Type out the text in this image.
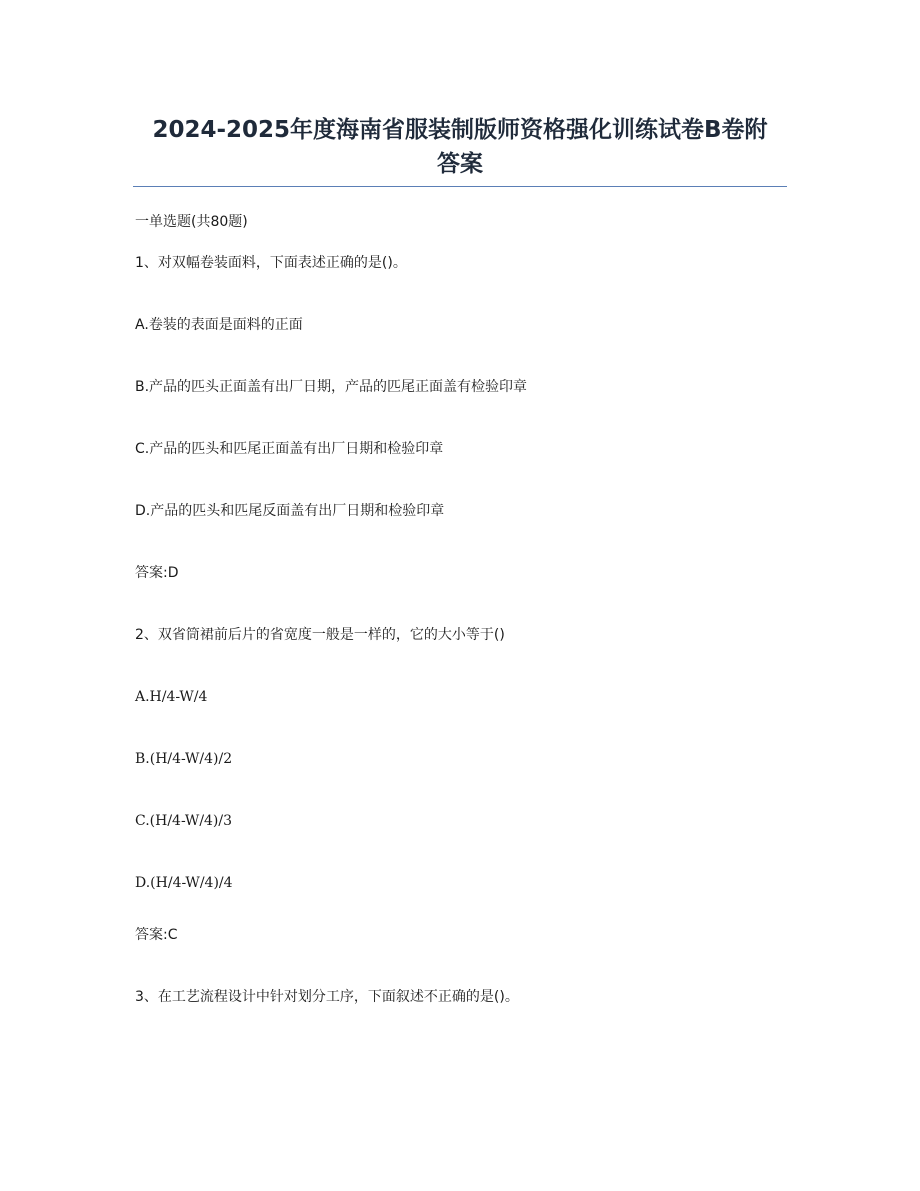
2024-2025年度海南省服装制版师资格强化训练试卷B卷附
答案
一单选题(共80题)
1、对双幅卷装面料，下面表述正确的是()。
A.卷装的表面是面料的正面
B.产品的匹头正面盖有出厂日期，产品的匹尾正面盖有检验印章
C.产品的匹头和匹尾正面盖有出厂日期和检验印章
D.产品的匹头和匹尾反面盖有出厂日期和检验印章
答案:D
2、双省筒裙前后片的省宽度一般是一样的，它的大小等于()
A.H/4-W/4
B.(H/4-W/4)/2
C.(H/4-W/4)/3
D.(H/4-W/4)/4
答案:C
3、在工艺流程设计中针对划分工序，下面叙述不正确的是()。
